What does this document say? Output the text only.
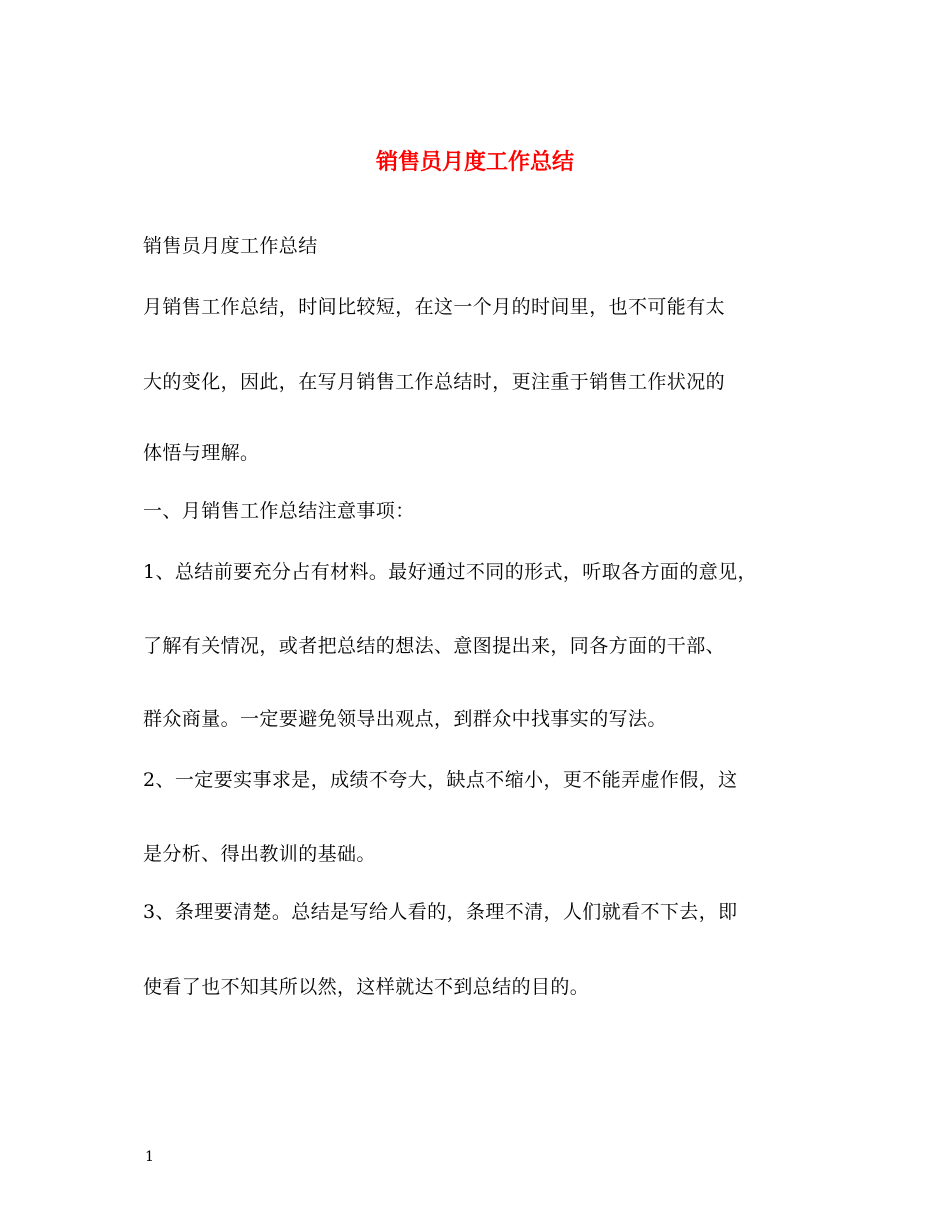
销售员月度工作总结
销售员月度工作总结
月销售工作总结，时间比较短，在这一个月的时间里，也不可能有太
大的变化，因此，在写月销售工作总结时，更注重于销售工作状况的
体悟与理解。
一、月销售工作总结注意事项：
1、总结前要充分占有材料。最好通过不同的形式，听取各方面的意见，
了解有关情况，或者把总结的想法、意图提出来，同各方面的干部、
群众商量。一定要避免领导出观点，到群众中找事实的写法。
2、一定要实事求是，成绩不夸大，缺点不缩小，更不能弄虚作假，这
是分析、得出教训的基础。
3、条理要清楚。总结是写给人看的，条理不清，人们就看不下去，即
使看了也不知其所以然，这样就达不到总结的目的。
1
